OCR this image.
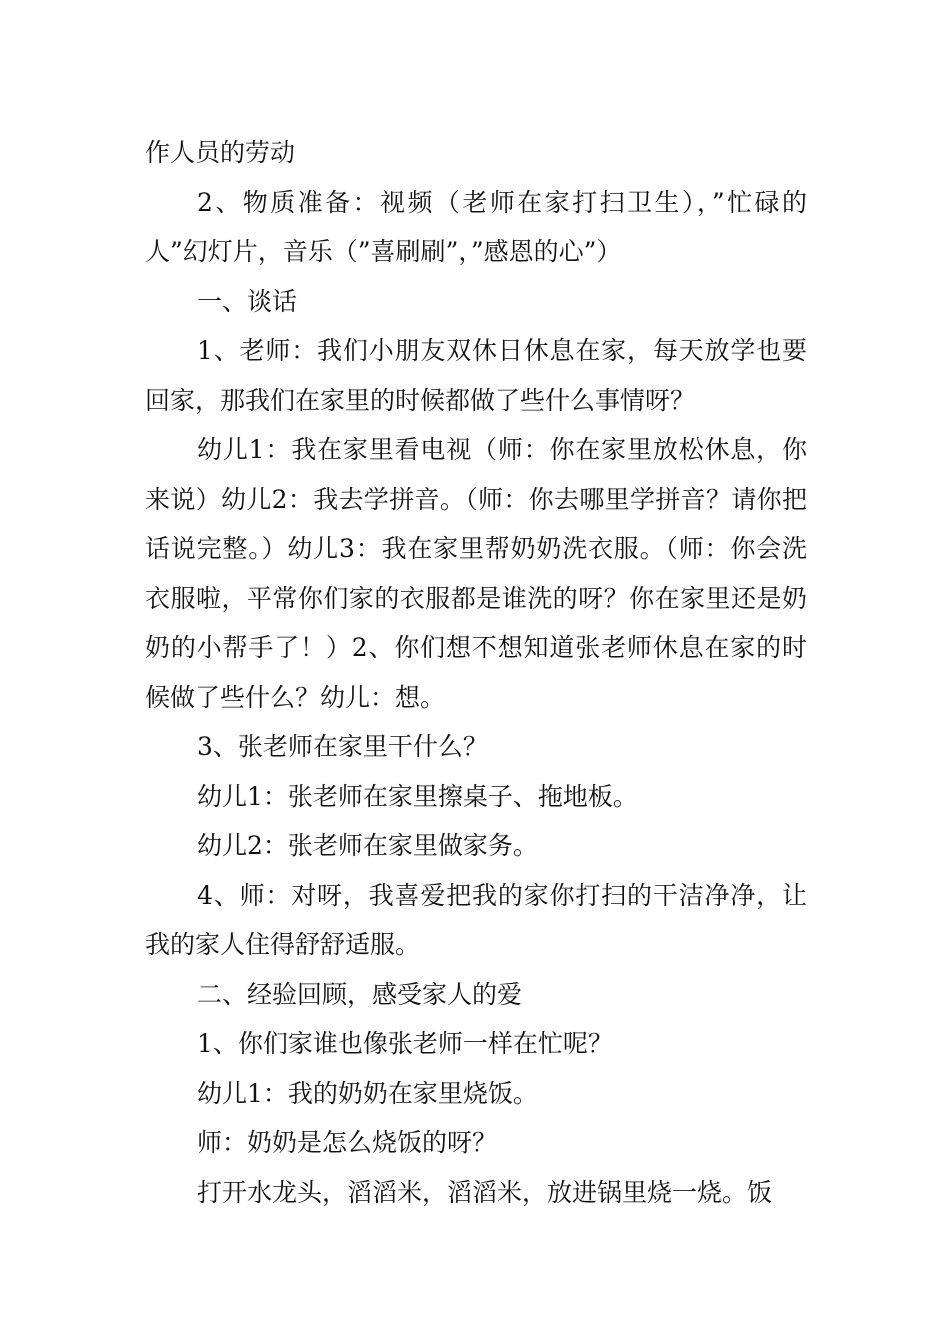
作人员的劳动

2、物质准备：视频（老师在家打扫卫生），”忙碌的人”幻灯片，音乐（”喜刷刷”，”感恩的心”）

一、谈话

1、老师：我们小朋友双休日休息在家，每天放学也要回家，那我们在家里的时候都做了些什么事情呀？

幼儿1：我在家里看电视（师：你在家里放松休息，你来说）幼儿2：我去学拼音。（师：你去哪里学拼音？请你把话说完整。）幼儿3：我在家里帮奶奶洗衣服。（师：你会洗衣服啦，平常你们家的衣服都是谁洗的呀？你在家里还是奶奶的小帮手了！）2、你们想不想知道张老师休息在家的时候做了些什么？幼儿：想。

3、张老师在家里干什么？

幼儿1：张老师在家里擦桌子、拖地板。

幼儿2：张老师在家里做家务。

4、师：对呀，我喜爱把我的家你打扫的干洁净净，让我的家人住得舒舒适服。

二、经验回顾，感受家人的爱

1、你们家谁也像张老师一样在忙呢？

幼儿1：我的奶奶在家里烧饭。

师：奶奶是怎么烧饭的呀？

打开水龙头，滔滔米，滔滔米，放进锅里烧一烧。饭
